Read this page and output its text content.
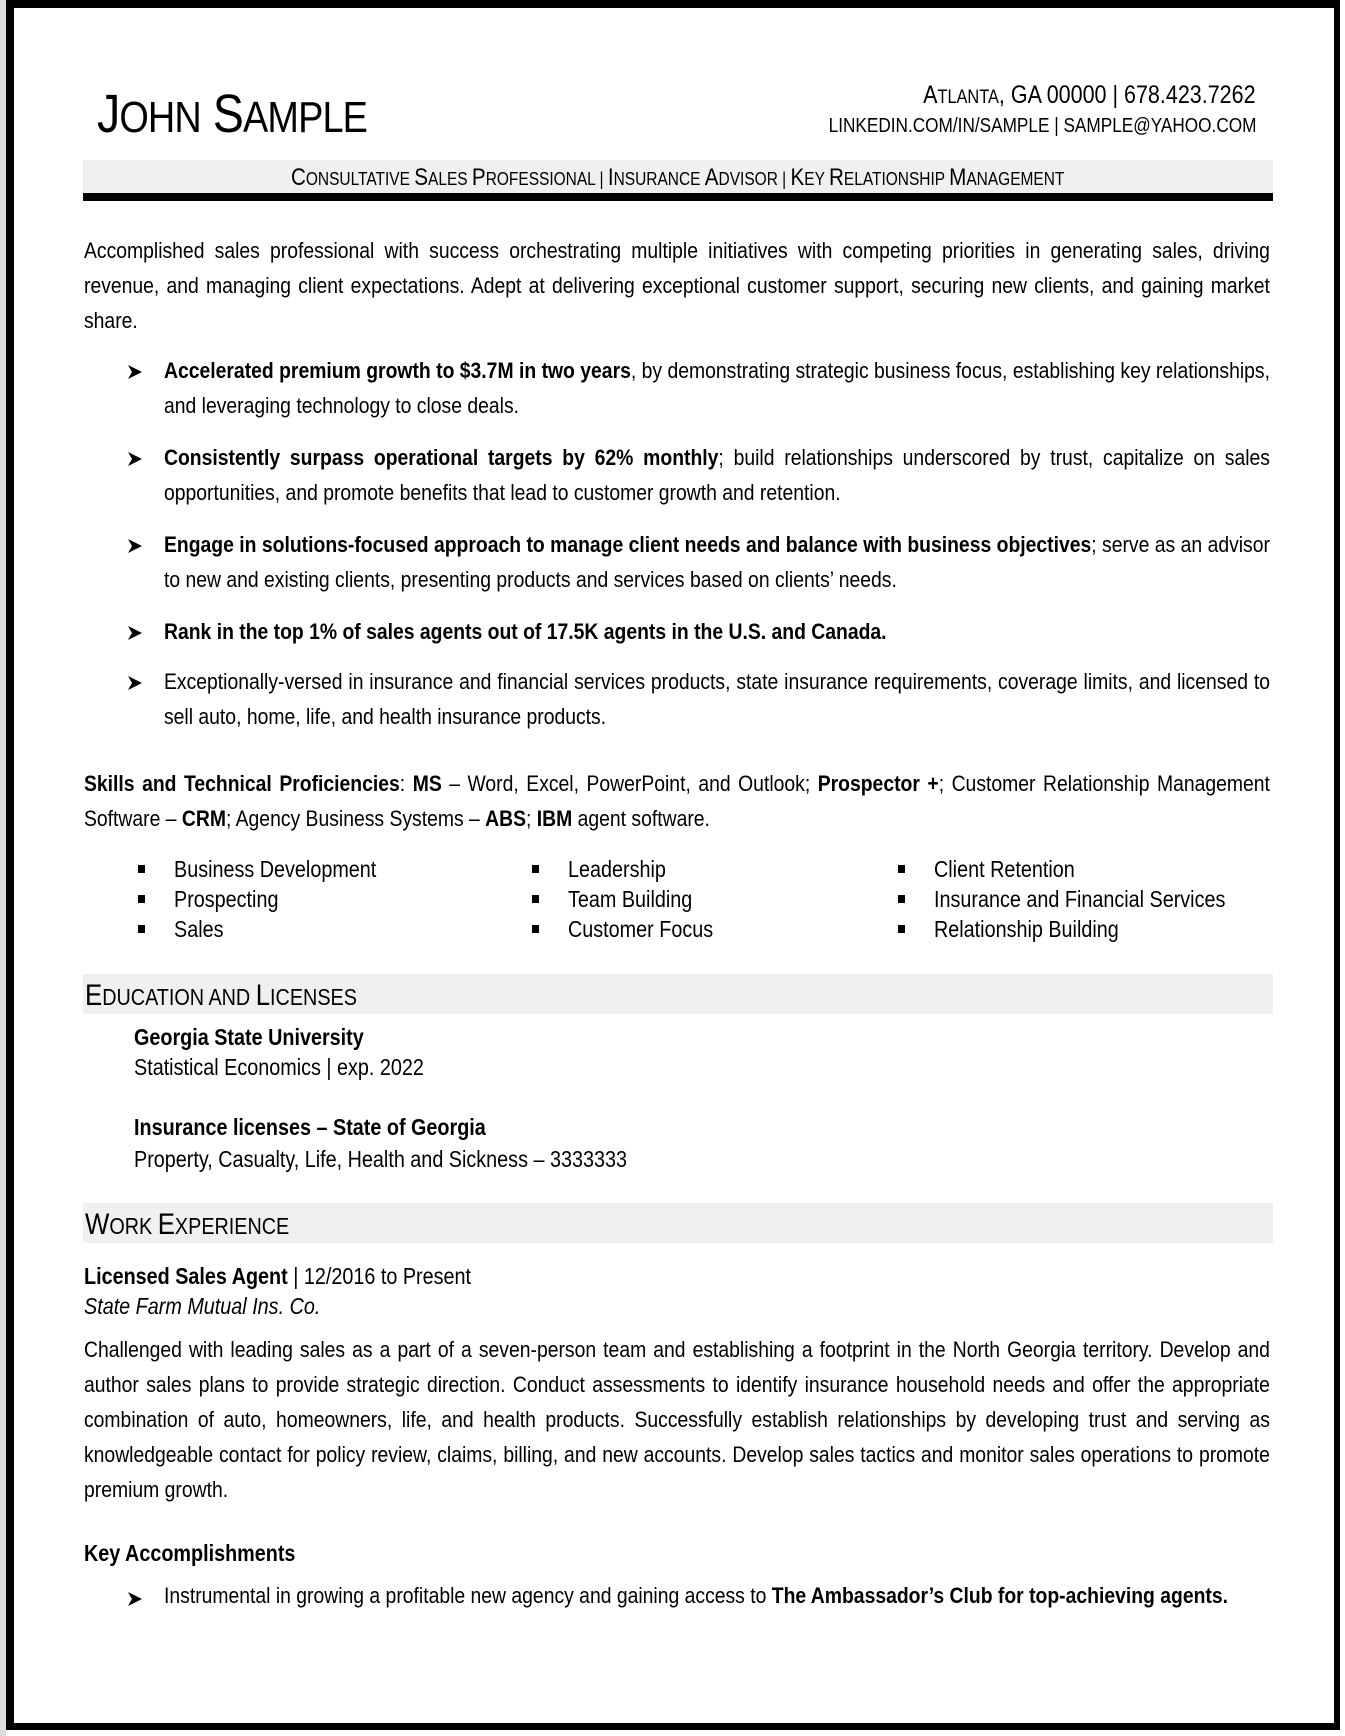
JOHN SAMPLE	ATLANTA, GA 00000 | 678.423.7262
LINKEDIN.COM/IN/SAMPLE | SAMPLE@YAHOO.COM
CONSULTATIVE SALES PROFESSIONAL | INSURANCE ADVISOR | KEY RELATIONSHIP MANAGEMENT
Accomplished sales professional with success orchestrating multiple initiatives with competing priorities in generating sales, driving revenue, and managing client expectations. Adept at delivering exceptional customer support, securing new clients, and gaining market share.
Accelerated premium growth to $3.7M in two years, by demonstrating strategic business focus, establishing key relationships, and leveraging technology to close deals.
Consistently surpass operational targets by 62% monthly; build relationships underscored by trust, capitalize on sales opportunities, and promote benefits that lead to customer growth and retention.
Engage in solutions-focused approach to manage client needs and balance with business objectives; serve as an advisor to new and existing clients, presenting products and services based on clients’ needs.
Rank in the top 1% of sales agents out of 17.5K agents in the U.S. and Canada.
Exceptionally-versed in insurance and financial services products, state insurance requirements, coverage limits, and licensed to sell auto, home, life, and health insurance products.
Skills and Technical Proficiencies: MS – Word, Excel, PowerPoint, and Outlook; Prospector +; Customer Relationship Management Software – CRM; Agency Business Systems – ABS; IBM agent software.
Business Development
Prospecting
Sales
Leadership
Team Building
Customer Focus
Client Retention
Insurance and Financial Services
Relationship Building
EDUCATION AND LICENSES
Georgia State University
Statistical Economics | exp. 2022
Insurance licenses – State of Georgia
Property, Casualty, Life, Health and Sickness – 3333333
WORK EXPERIENCE
Licensed Sales Agent | 12/2016 to Present
State Farm Mutual Ins. Co.
Challenged with leading sales as a part of a seven-person team and establishing a footprint in the North Georgia territory. Develop and author sales plans to provide strategic direction. Conduct assessments to identify insurance household needs and offer the appropriate combination of auto, homeowners, life, and health products. Successfully establish relationships by developing trust and serving as knowledgeable contact for policy review, claims, billing, and new accounts. Develop sales tactics and monitor sales operations to promote premium growth.
Key Accomplishments
Instrumental in growing a profitable new agency and gaining access to The Ambassador’s Club for top-achieving agents.
